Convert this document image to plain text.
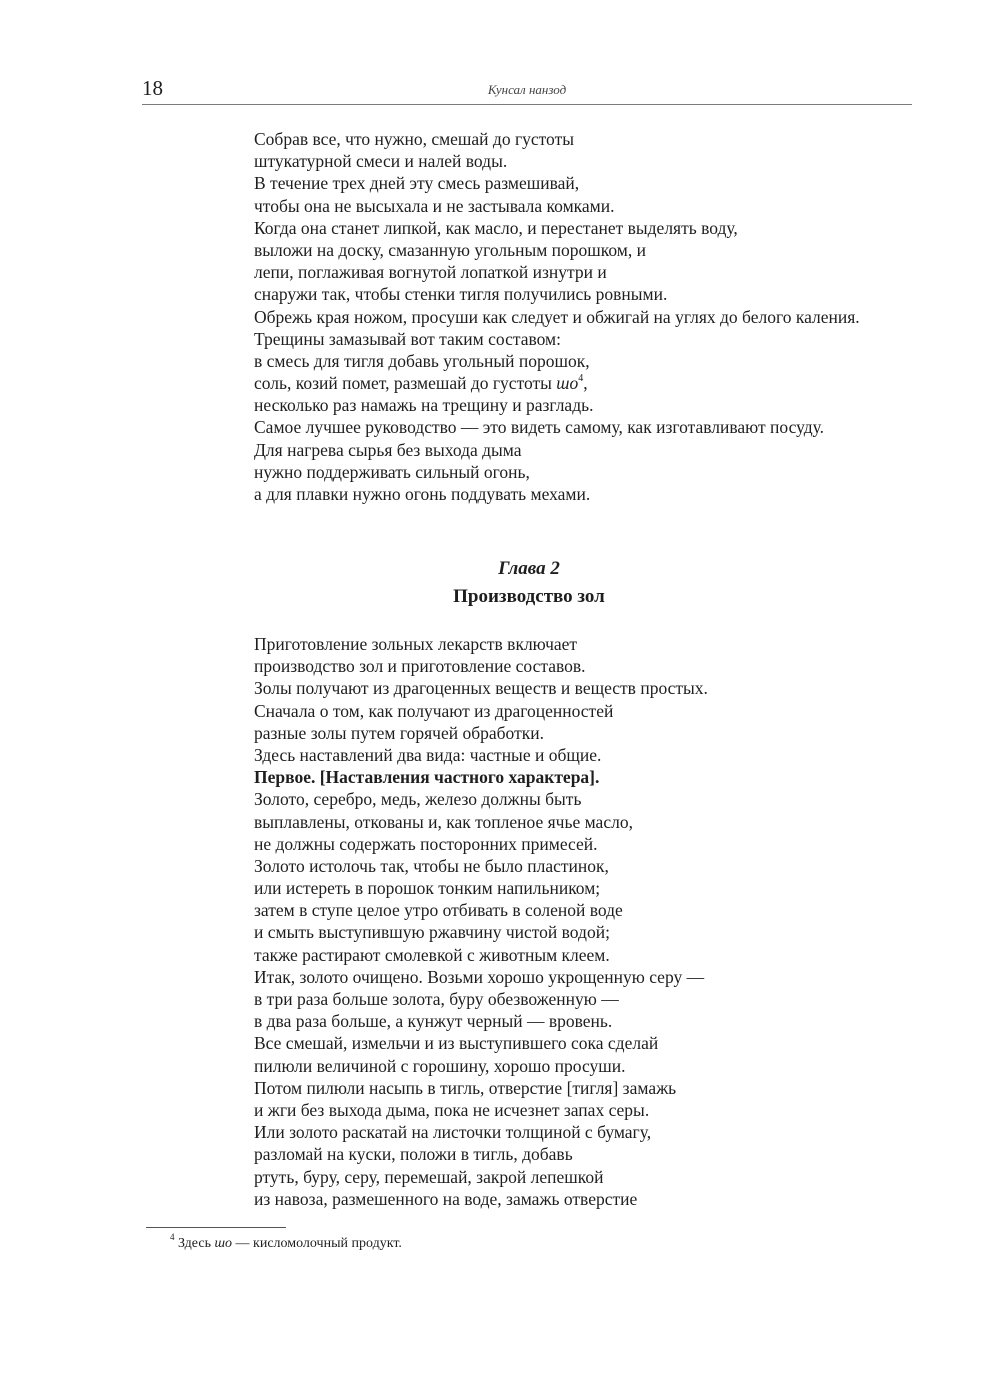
18	Кунсал нанзод
Собрав все, что нужно, смешай до густоты
штукатурной смеси и налей воды.
В течение трех дней эту смесь размешивай,
чтобы она не высыхала и не застывала комками.
Когда она станет липкой, как масло, и перестанет выделять воду,
выложи на доску, смазанную угольным порошком, и
лепи, поглаживая вогнутой лопаткой изнутри и
снаружи так, чтобы стенки тигля получились ровными.
Обрежь края ножом, просуши как следует и обжигай на углях до белого каления.
Трещины замазывай вот таким составом:
в смесь для тигля добавь угольный порошок,
соль, козий помет, размешай до густоты шо$^4$,
несколько раз намажь на трещину и разгладь.
Самое лучшее руководство — это видеть самому, как изготавливают посуду.
Для нагрева сырья без выхода дыма
нужно поддерживать сильный огонь,
а для плавки нужно огонь поддувать мехами.
Глава 2
Производство зол
Приготовление зольных лекарств включает
производство зол и приготовление составов.
Золы получают из драгоценных веществ и веществ простых.
Сначала о том, как получают из драгоценностей
разные золы путем горячей обработки.
Здесь наставлений два вида: частные и общие.
Первое. [Наставления частного характера].
Золото, серебро, медь, железо должны быть
выплавлены, откованы и, как топленое ячье масло,
не должны содержать посторонних примесей.
Золото истолочь так, чтобы не было пластинок,
или истереть в порошок тонким напильником;
затем в ступе целое утро отбивать в соленой воде
и смыть выступившую ржавчину чистой водой;
также растирают смолевкой с животным клеем.
Итак, золото очищено. Возьми хорошо укрощенную серу —
в три раза больше золота, буру обезвоженную —
в два раза больше, а кунжут черный — вровень.
Все смешай, измельчи и из выступившего сока сделай
пилюли величиной с горошину, хорошо просуши.
Потом пилюли насыпь в тигль, отверстие [тигля] замажь
и жги без выхода дыма, пока не исчезнет запах серы.
Или золото раскатай на листочки толщиной с бумагу,
разломай на куски, положи в тигль, добавь
ртуть, буру, серу, перемешай, закрой лепешкой
из навоза, размешенного на воде, замажь отверстие
$^4$ Здесь шо — кисломолочный продукт.
